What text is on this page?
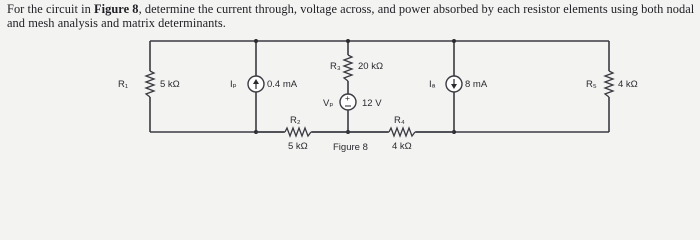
For the circuit in Figure 8, determine the current through, voltage across, and power absorbed by each resistor elements using both nodal and mesh analysis and matrix determinants.
R₁	5 kΩ	Iₚ	0.4 mA
R₃ 20 kΩ
+
Vₚ	12 V
R₂
5 kΩ
R₄
4 kΩ
Iₐ	8 mA	R₅ 4 kΩ
Figure 8
